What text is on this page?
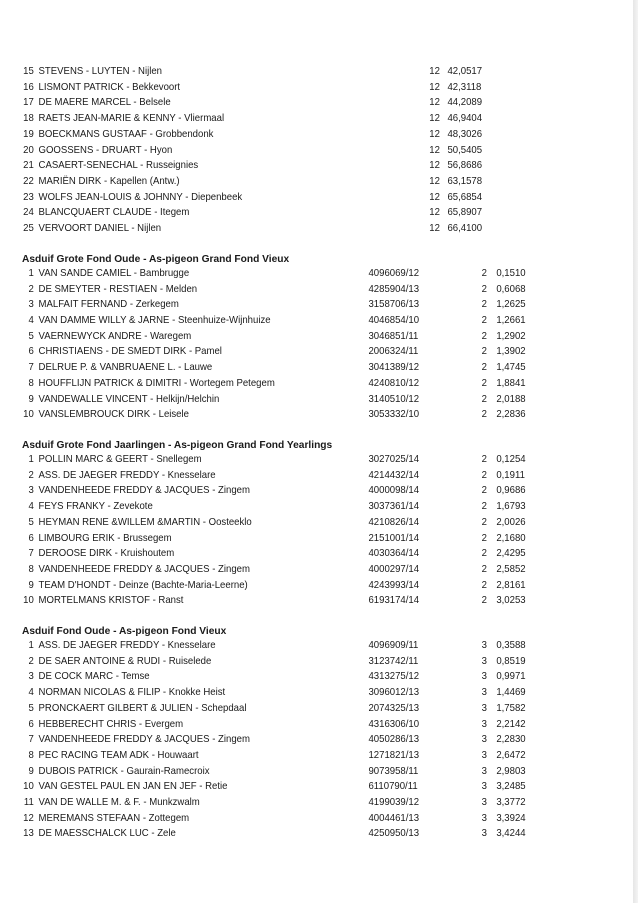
15 STEVENS - LUYTEN - Nijlen	12 42,0517
16 LISMONT PATRICK - Bekkevoort	12 42,3118
17 DE MAERE MARCEL - Belsele	12 44,2089
18 RAETS JEAN-MARIE & KENNY - Vliermaal	12 46,9404
19 BOECKMANS GUSTAAF - Grobbendonk	12 48,3026
20 GOOSSENS - DRUART - Hyon	12 50,5405
21 CASAERT-SENECHAL - Russeignies	12 56,8686
22 MARIËN DIRK - Kapellen (Antw.)	12 63,1578
23 WOLFS JEAN-LOUIS & JOHNNY - Diepenbeek	12 65,6854
24 BLANCQUAERT CLAUDE - Itegem	12 65,8907
25 VERVOORT DANIEL - Nijlen	12 66,4100
Asduif Grote Fond Oude - As-pigeon Grand Fond Vieux
1 VAN SANDE CAMIEL - Bambrugge	4096069/12	2 0,1510
2 DE SMEYTER - RESTIAEN - Melden	4285904/13	2 0,6068
3 MALFAIT FERNAND - Zerkegem	3158706/13	2 1,2625
4 VAN DAMME WILLY & JARNE - Steenhuize-Wijnhuize	4046854/10	2 1,2661
5 VAERNEWYCK ANDRE - Waregem	3046851/11	2 1,2902
6 CHRISTIAENS - DE SMEDT DIRK - Pamel	2006324/11	2 1,3902
7 DELRUE P. & VANBRUAENE L. - Lauwe	3041389/12	2 1,4745
8 HOUFFLIJN PATRICK & DIMITRI - Wortegem Petegem	4240810/12	2 1,8841
9 VANDEWALLE VINCENT - Helkijn/Helchin	3140510/12	2 2,0188
10 VANSLEMBROUCK DIRK - Leisele	3053332/10	2 2,2836
Asduif Grote Fond Jaarlingen - As-pigeon Grand Fond Yearlings
1 POLLIN MARC & GEERT - Snellegem	3027025/14	2 0,1254
2 ASS. DE JAEGER FREDDY - Knesselare	4214432/14	2 0,1911
3 VANDENHEEDE FREDDY & JACQUES - Zingem	4000098/14	2 0,9686
4 FEYS FRANKY - Zevekote	3037361/14	2 1,6793
5 HEYMAN RENE &WILLEM &MARTIN - Oosteeklo	4210826/14	2 2,0026
6 LIMBOURG ERIK - Brussegem	2151001/14	2 2,1680
7 DEROOSE DIRK - Kruishoutem	4030364/14	2 2,4295
8 VANDENHEEDE FREDDY & JACQUES - Zingem	4000297/14	2 2,5852
9 TEAM D'HONDT - Deinze (Bachte-Maria-Leerne)	4243993/14	2 2,8161
10 MORTELMANS KRISTOF - Ranst	6193174/14	2 3,0253
Asduif Fond Oude - As-pigeon Fond Vieux
1 ASS. DE JAEGER FREDDY - Knesselare	4096909/11	3 0,3588
2 DE SAER ANTOINE & RUDI - Ruiselede	3123742/11	3 0,8519
3 DE COCK MARC - Temse	4313275/12	3 0,9971
4 NORMAN NICOLAS & FILIP - Knokke Heist	3096012/13	3 1,4469
5 PRONCKAERT GILBERT & JULIEN - Schepdaal	2074325/13	3 1,7582
6 HEBBERECHT CHRIS - Evergem	4316306/10	3 2,2142
7 VANDENHEEDE FREDDY & JACQUES - Zingem	4050286/13	3 2,2830
8 PEC RACING TEAM ADK - Houwaart	1271821/13	3 2,6472
9 DUBOIS PATRICK - Gaurain-Ramecroix	9073958/11	3 2,9803
10 VAN GESTEL PAUL EN JAN EN JEF - Retie	6110790/11	3 3,2485
11 VAN DE WALLE M. & F. - Munkzwalm	4199039/12	3 3,3772
12 MEREMANS STEFAAN - Zottegem	4004461/13	3 3,3924
13 DE MAESSCHALCK LUC - Zele	4250950/13	3 3,4244
